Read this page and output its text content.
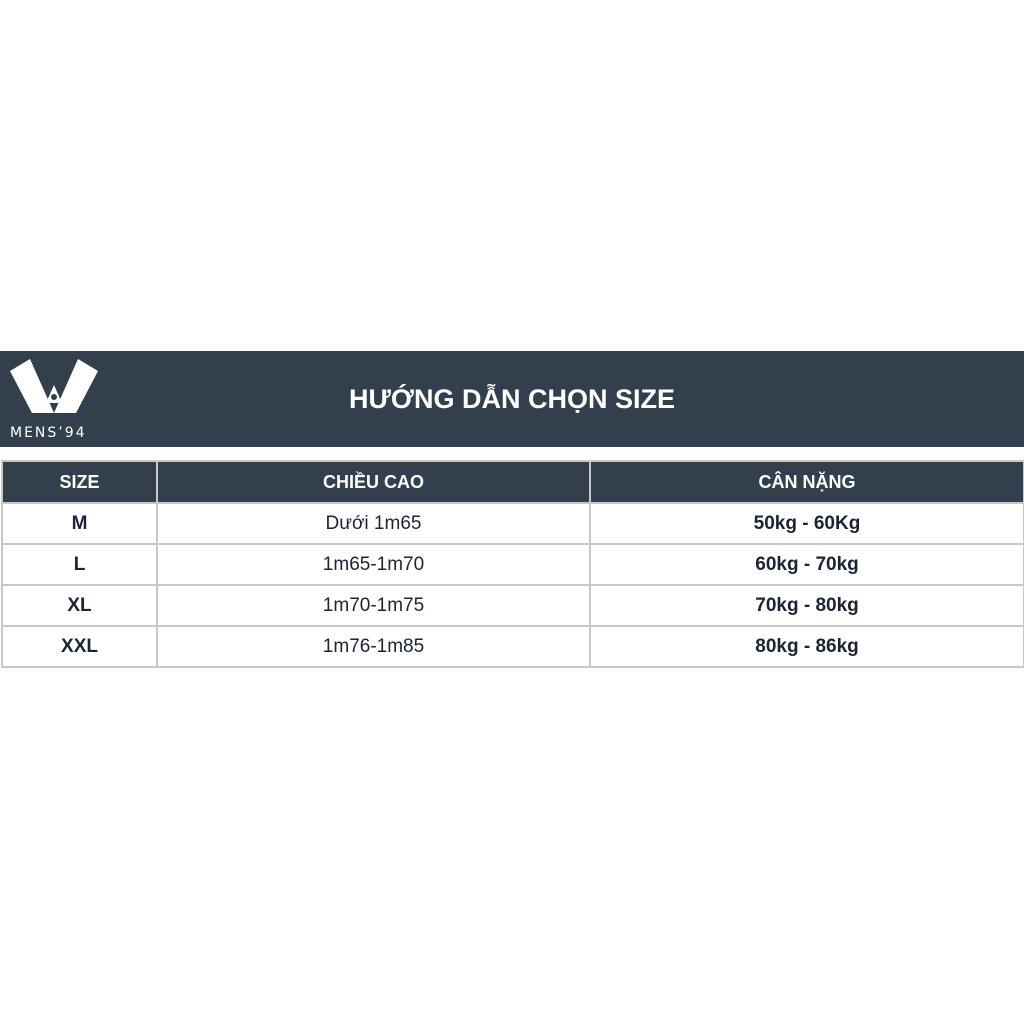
MENS’94
HƯỚNG DẪN CHỌN SIZE
SIZE	CHIỀU CAO	CÂN NẶNG
M	Dưới 1m65	50kg - 60Kg
L	1m65-1m70	60kg - 70kg
XL	1m70-1m75	70kg - 80kg
XXL	1m76-1m85	80kg - 86kg
